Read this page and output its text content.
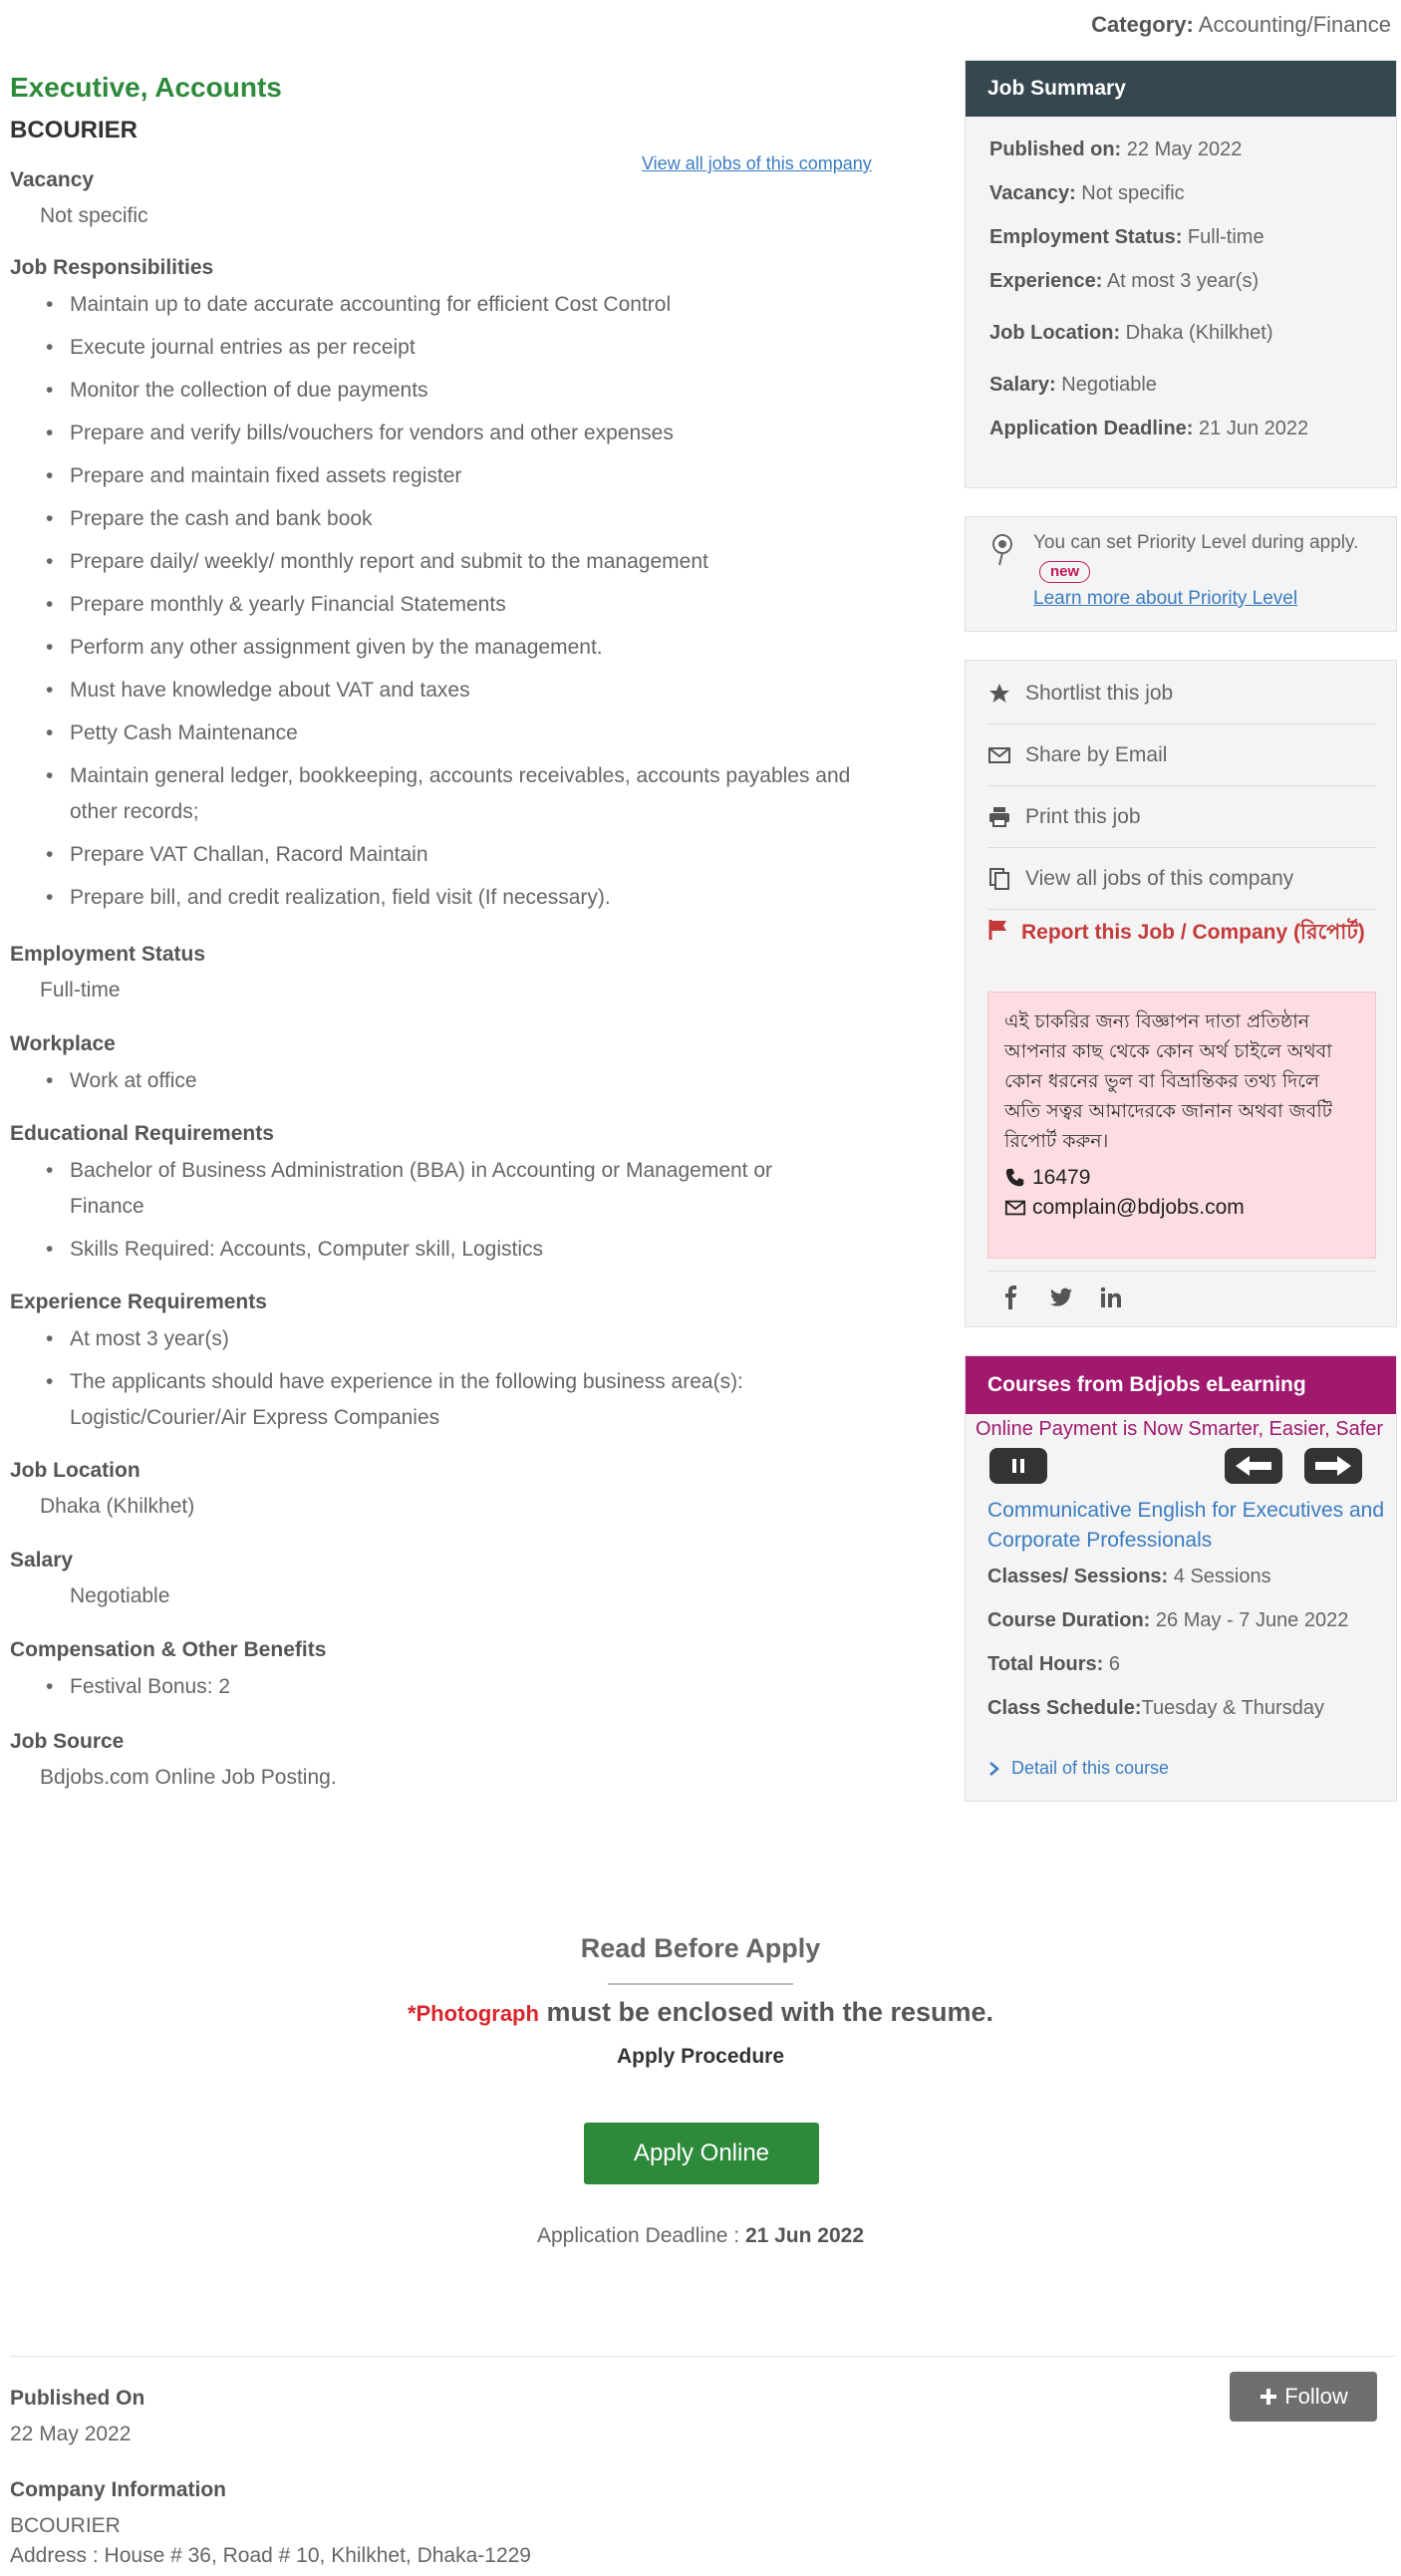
Category: Accounting/Finance
Executive, Accounts
BCOURIER
View all jobs of this company
Vacancy
Not specific
Job Responsibilities
• Maintain up to date accurate accounting for efficient Cost Control
• Execute journal entries as per receipt
• Monitor the collection of due payments
• Prepare and verify bills/vouchers for vendors and other expenses
• Prepare and maintain fixed assets register
• Prepare the cash and bank book
• Prepare daily/ weekly/ monthly report and submit to the management
• Prepare monthly & yearly Financial Statements
• Perform any other assignment given by the management.
• Must have knowledge about VAT and taxes
• Petty Cash Maintenance
• Maintain general ledger, bookkeeping, accounts receivables, accounts payables and other records;
• Prepare VAT Challan, Racord Maintain
• Prepare bill, and credit realization, field visit (If necessary).
Employment Status
Full-time
Workplace
• Work at office
Educational Requirements
• Bachelor of Business Administration (BBA) in Accounting or Management or Finance
• Skills Required: Accounts, Computer skill, Logistics
Experience Requirements
• At most 3 year(s)
• The applicants should have experience in the following business area(s): Logistic/Courier/Air Express Companies
Job Location
Dhaka (Khilkhet)
Salary
Negotiable
Compensation & Other Benefits
• Festival Bonus: 2
Job Source
Bdjobs.com Online Job Posting.
Job Summary
Published on: 22 May 2022
Vacancy: Not specific
Employment Status: Full-time
Experience: At most 3 year(s)
Job Location: Dhaka (Khilkhet)
Salary: Negotiable
Application Deadline: 21 Jun 2022
You can set Priority Level during apply. new
Learn more about Priority Level
Shortlist this job
Share by Email
Print this job
View all jobs of this company
Report this Job / Company (রিপোর্ট)
এই চাকরির জন্য বিজ্ঞাপন দাতা প্রতিষ্ঠান আপনার কাছ থেকে কোন অর্থ চাইলে অথবা কোন ধরনের ভুল বা বিভ্রান্তিকর তথ্য দিলে অতি সত্বর আমাদেরকে জানান অথবা জবটি রিপোর্ট করুন।
16479
complain@bdjobs.com
Courses from Bdjobs eLearning
Online Payment is Now Smarter, Easier, Safer
Communicative English for Executives and Corporate Professionals
Classes/ Sessions: 4 Sessions
Course Duration: 26 May - 7 June 2022
Total Hours: 6
Class Schedule:Tuesday & Thursday
Detail of this course
Read Before Apply
*Photograph must be enclosed with the resume.
Apply Procedure
Apply Online
Application Deadline : 21 Jun 2022
Published On
22 May 2022
Follow
Company Information
BCOURIER
Address : House # 36, Road # 10, Khilkhet, Dhaka-1229
